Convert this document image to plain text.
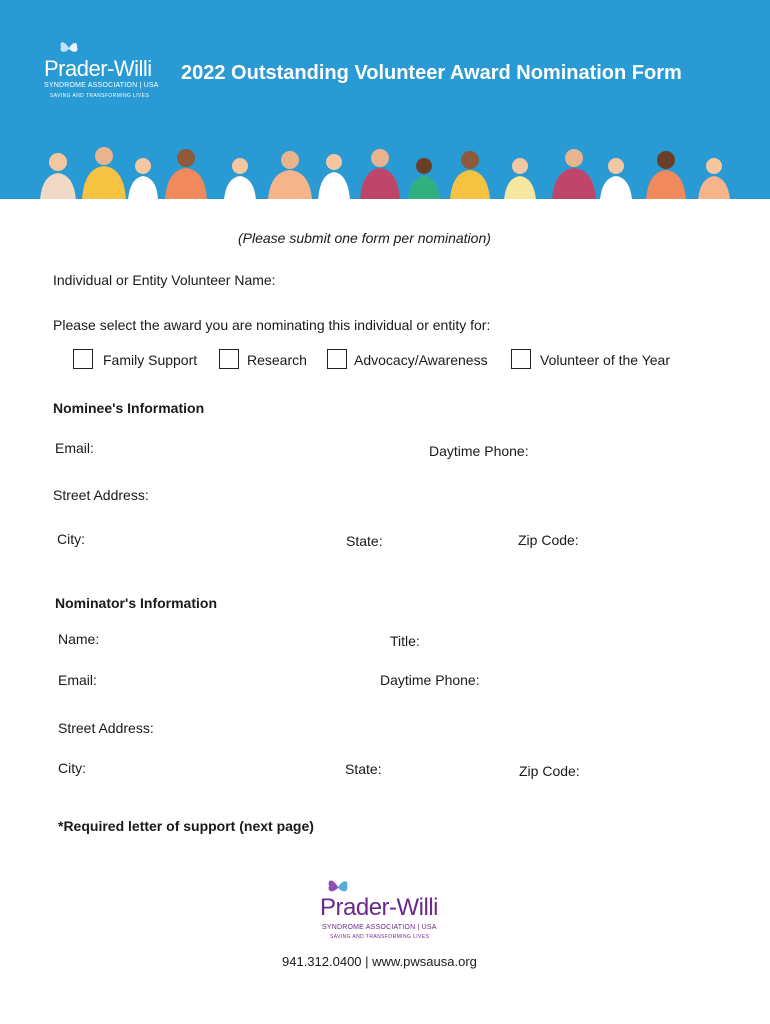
Prader-Willi
SYNDROME ASSOCIATION | USA
SAVING AND TRANSFORMING LIVES
2022 Outstanding Volunteer Award Nomination Form
(Please submit one form per nomination)
Individual or Entity Volunteer Name:
Please select the award you are nominating this individual or entity for:
Family Support	Research	Advocacy/Awareness	Volunteer of the Year
Nominee's Information
Email:	Daytime Phone:
Street Address:
City:	State:	Zip Code:
Nominator's Information
Name:	Title:
Email:	Daytime Phone:
Street Address:
City:	State:	Zip Code:
*Required letter of support (next page)
Prader-Willi
SYNDROME ASSOCIATION | USA
SAVING AND TRANSFORMING LIVES
941.312.0400 | www.pwsausa.org
